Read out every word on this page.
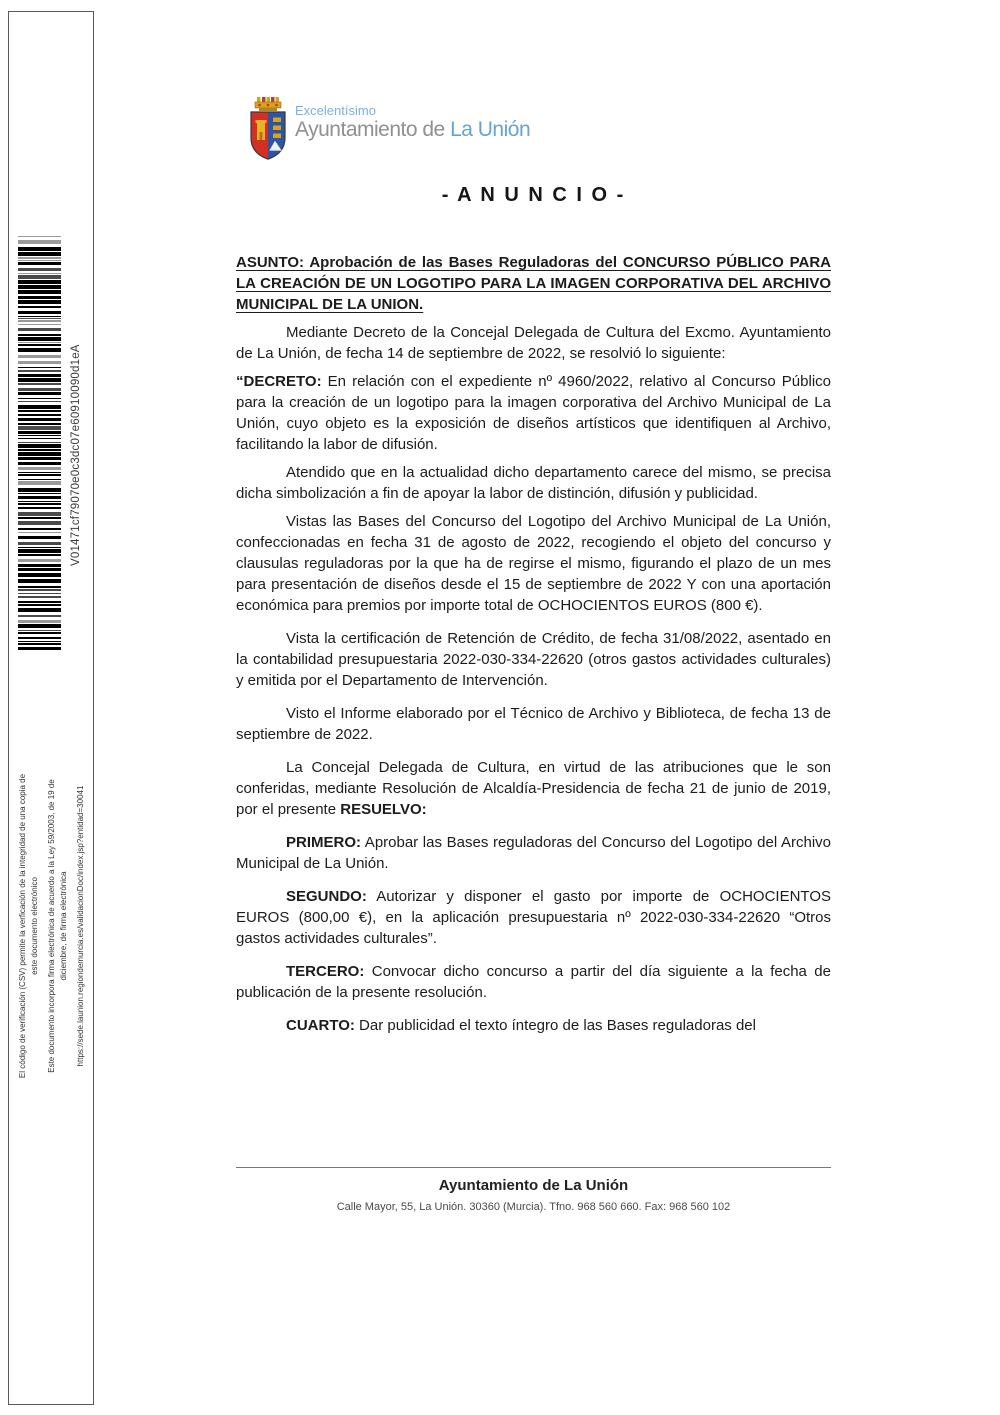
V01471cf79070e0c3dc07e60910090d1eA
El código de verificación (CSV) permite la verficación de la integridad de una copia de este documento electrónico Este documento incorpora firma electrónica de acuerdo a la Ley 59/2003, de 19 de diciembre, de firma electrónica https://sede.launion.regiondemurcia.es/validacionDoc/index.jsp?entidad=30041
Excelentísimo
Ayuntamiento de La Unión
- A N U N C I O -

ASUNTO: Aprobación de las Bases Reguladoras del CONCURSO PÚBLICO PARA LA CREACIÓN DE UN LOGOTIPO PARA LA IMAGEN CORPORATIVA DEL ARCHIVO MUNICIPAL DE LA UNION.

Mediante Decreto de la Concejal Delegada de Cultura del Excmo. Ayuntamiento de La Unión, de fecha 14 de septiembre de 2022, se resolvió lo siguiente:

“DECRETO: En relación con el expediente nº 4960/2022, relativo al Concurso Público para la creación de un logotipo para la imagen corporativa del Archivo Municipal de La Unión, cuyo objeto es la exposición de diseños artísticos que identifiquen al Archivo, facilitando la labor de difusión.

Atendido que en la actualidad dicho departamento carece del mismo, se precisa dicha simbolización a fin de apoyar la labor de distinción, difusión y publicidad.

Vistas las Bases del Concurso del Logotipo del Archivo Municipal de La Unión, confeccionadas en fecha 31 de agosto de 2022, recogiendo el objeto del concurso y clausulas reguladoras por la que ha de regirse el mismo, figurando el plazo de un mes para presentación de diseños desde el 15 de septiembre de 2022 Y con una aportación económica para premios por importe total de OCHOCIENTOS EUROS (800 €).

Vista la certificación de Retención de Crédito, de fecha 31/08/2022, asentado en la contabilidad presupuestaria 2022-030-334-22620 (otros gastos actividades culturales) y emitida por el Departamento de Intervención.

Visto el Informe elaborado por el Técnico de Archivo y Biblioteca, de fecha 13 de septiembre de 2022.

La Concejal Delegada de Cultura, en virtud de las atribuciones que le son conferidas, mediante Resolución de Alcaldía-Presidencia de fecha 21 de junio de 2019, por el presente RESUELVO:

PRIMERO: Aprobar las Bases reguladoras del Concurso del Logotipo del Archivo Municipal de La Unión.

SEGUNDO: Autorizar y disponer el gasto por importe de OCHOCIENTOS EUROS (800,00 €), en la aplicación presupuestaria nº 2022-030-334-22620 “Otros gastos actividades culturales”.

TERCERO: Convocar dicho concurso a partir del día siguiente a la fecha de publicación de la presente resolución.

CUARTO: Dar publicidad el texto íntegro de las Bases reguladoras del

Ayuntamiento de La Unión
Calle Mayor, 55, La Unión. 30360 (Murcia). Tfno. 968 560 660. Fax: 968 560 102
